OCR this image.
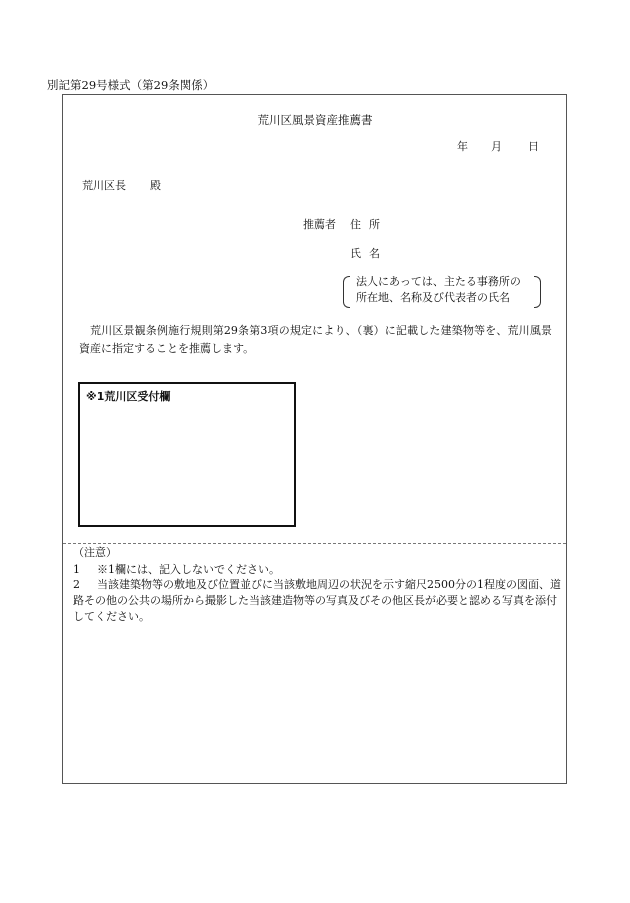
別記第29号様式（第29条関係）
荒川区風景資産推薦書
年 月 日
荒川区長 殿
推薦者 住所
氏名
法人にあっては、主たる事務所の
所在地、名称及び代表者の氏名
荒川区景観条例施行規則第29条第3項の規定により、（裏）に記載した建築物等を、荒川風景資産に指定することを推薦します。
※1荒川区受付欄
（注意）
1 ※1欄には、記入しないでください。
2 当該建築物等の敷地及び位置並びに当該敷地周辺の状況を示す縮尺2500分の1程度の図面、道路その他の公共の場所から撮影した当該建造物等の写真及びその他区長が必要と認める写真を添付してください。
